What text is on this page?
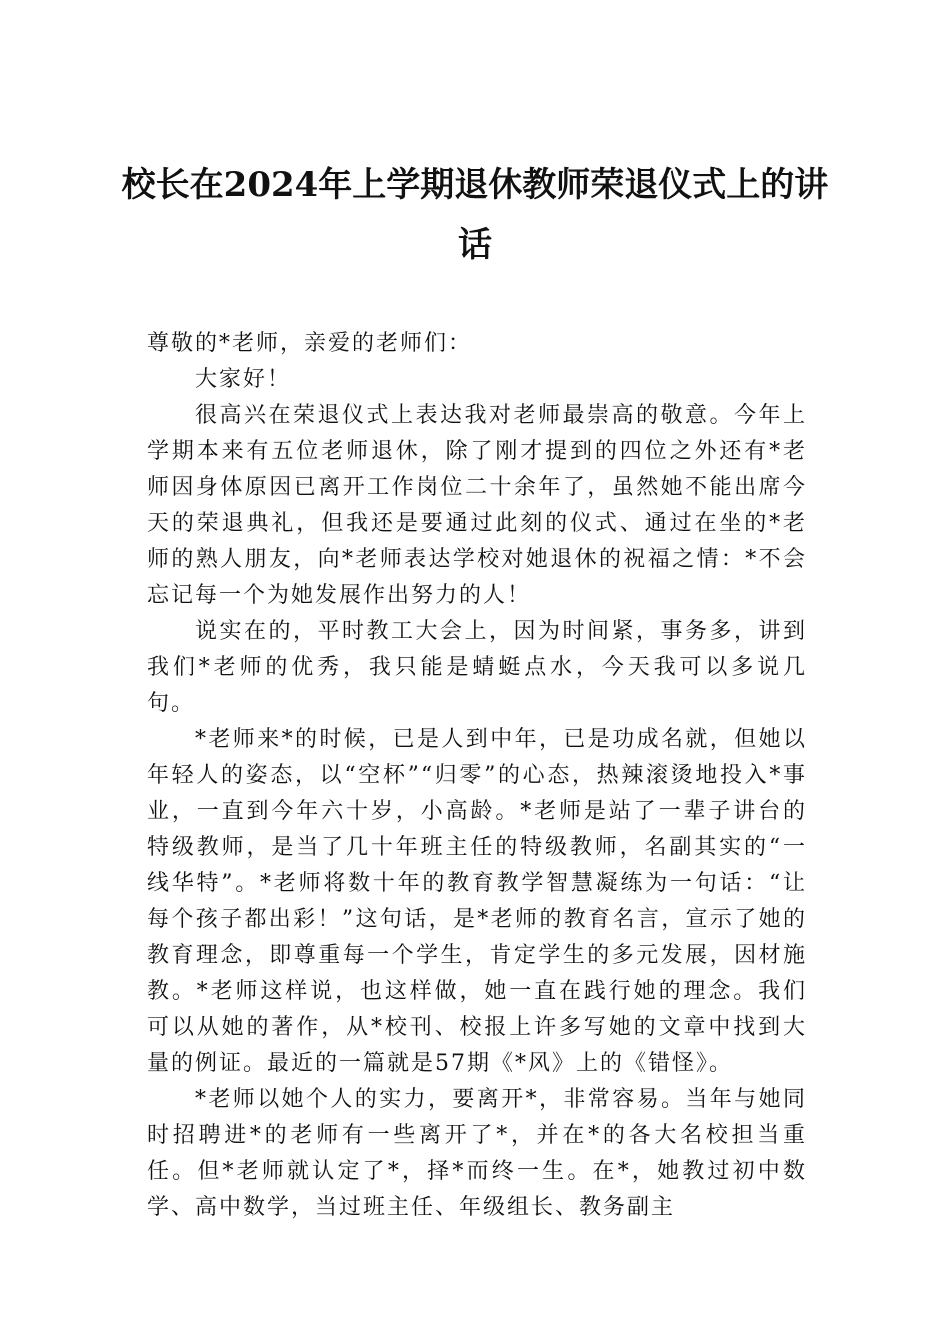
校长在2024年上学期退休教师荣退仪式上的讲话

尊敬的*老师，亲爱的老师们：

大家好！

很高兴在荣退仪式上表达我对老师最崇高的敬意。今年上学期本来有五位老师退休，除了刚才提到的四位之外还有*老师因身体原因已离开工作岗位二十余年了，虽然她不能出席今天的荣退典礼，但我还是要通过此刻的仪式、通过在坐的*老师的熟人朋友，向*老师表达学校对她退休的祝福之情：*不会忘记每一个为她发展作出努力的人！

说实在的，平时教工大会上，因为时间紧，事务多，讲到我们*老师的优秀，我只能是蜻蜓点水，今天我可以多说几句。

*老师来*的时候，已是人到中年，已是功成名就，但她以年轻人的姿态，以“空杯”“归零”的心态，热辣滚烫地投入*事业，一直到今年六十岁，小高龄。*老师是站了一辈子讲台的特级教师，是当了几十年班主任的特级教师，名副其实的“一线华特”。*老师将数十年的教育教学智慧凝练为一句话：“让每个孩子都出彩！”这句话，是*老师的教育名言，宣示了她的教育理念，即尊重每一个学生，肯定学生的多元发展，因材施教。*老师这样说，也这样做，她一直在践行她的理念。我们可以从她的著作，从*校刊、校报上许多写她的文章中找到大量的例证。最近的一篇就是57期《*风》上的《错怪》。

*老师以她个人的实力，要离开*，非常容易。当年与她同时招聘进*的老师有一些离开了*，并在*的各大名校担当重任。但*老师就认定了*，择*而终一生。在*，她教过初中数学、高中数学，当过班主任、年级组长、教务副主
